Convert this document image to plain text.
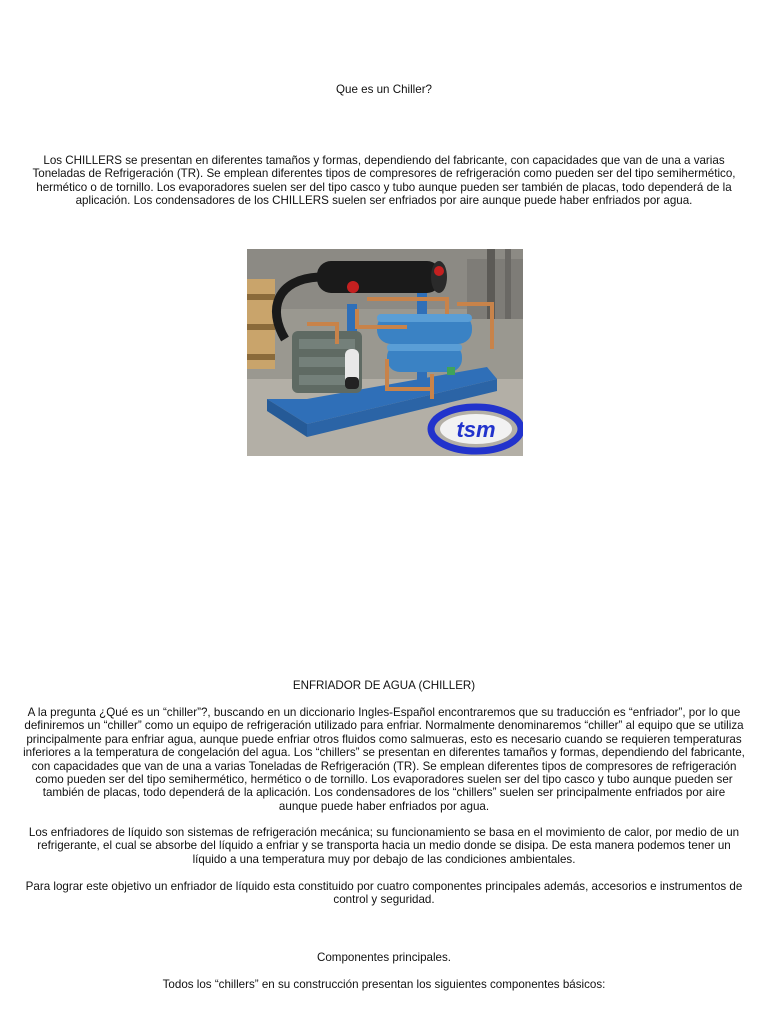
Que es un Chiller?

Los CHILLERS se presentan en diferentes tamaños y formas, dependiendo del fabricante, con capacidades que van de una a varias Toneladas de Refrigeración (TR). Se emplean diferentes tipos de compresores de refrigeración como pueden ser del tipo semihermético, hermético o de tornillo. Los evaporadores suelen ser del tipo casco y tubo aunque pueden ser también de placas, todo dependerá de la aplicación. Los condensadores de los CHILLERS suelen ser enfriados por aire aunque puede haber enfriados por agua.

tsm

ENFRIADOR DE AGUA (CHILLER)

A la pregunta ¿Qué es un “chiller”?, buscando en un diccionario Ingles-Español encontraremos que su traducción es “enfriador”, por lo que definiremos un “chiller” como un equipo de refrigeración utilizado para enfriar. Normalmente denominaremos “chiller” al equipo que se utiliza principalmente para enfriar agua, aunque puede enfriar otros fluidos como salmueras, esto es necesario cuando se requieren temperaturas inferiores a la temperatura de congelación del agua. Los “chillers” se presentan en diferentes tamaños y formas, dependiendo del fabricante, con capacidades que van de una a varias Toneladas de Refrigeración (TR). Se emplean diferentes tipos de compresores de refrigeración como pueden ser del tipo semihermético, hermético o de tornillo. Los evaporadores suelen ser del tipo casco y tubo aunque pueden ser también de placas, todo dependerá de la aplicación. Los condensadores de los “chillers” suelen ser principalmente enfriados por aire aunque puede haber enfriados por agua.

Los enfriadores de líquido son sistemas de refrigeración mecánica; su funcionamiento se basa en el movimiento de calor, por medio de un refrigerante, el cual se absorbe del líquido a enfriar y se transporta hacia un medio donde se disipa. De esta manera podemos tener un líquido a una temperatura muy por debajo de las condiciones ambientales.

Para lograr este objetivo un enfriador de líquido esta constituido por cuatro componentes principales además, accesorios e instrumentos de control y seguridad.

Componentes principales.

Todos los “chillers” en su construcción presentan los siguientes componentes básicos:
